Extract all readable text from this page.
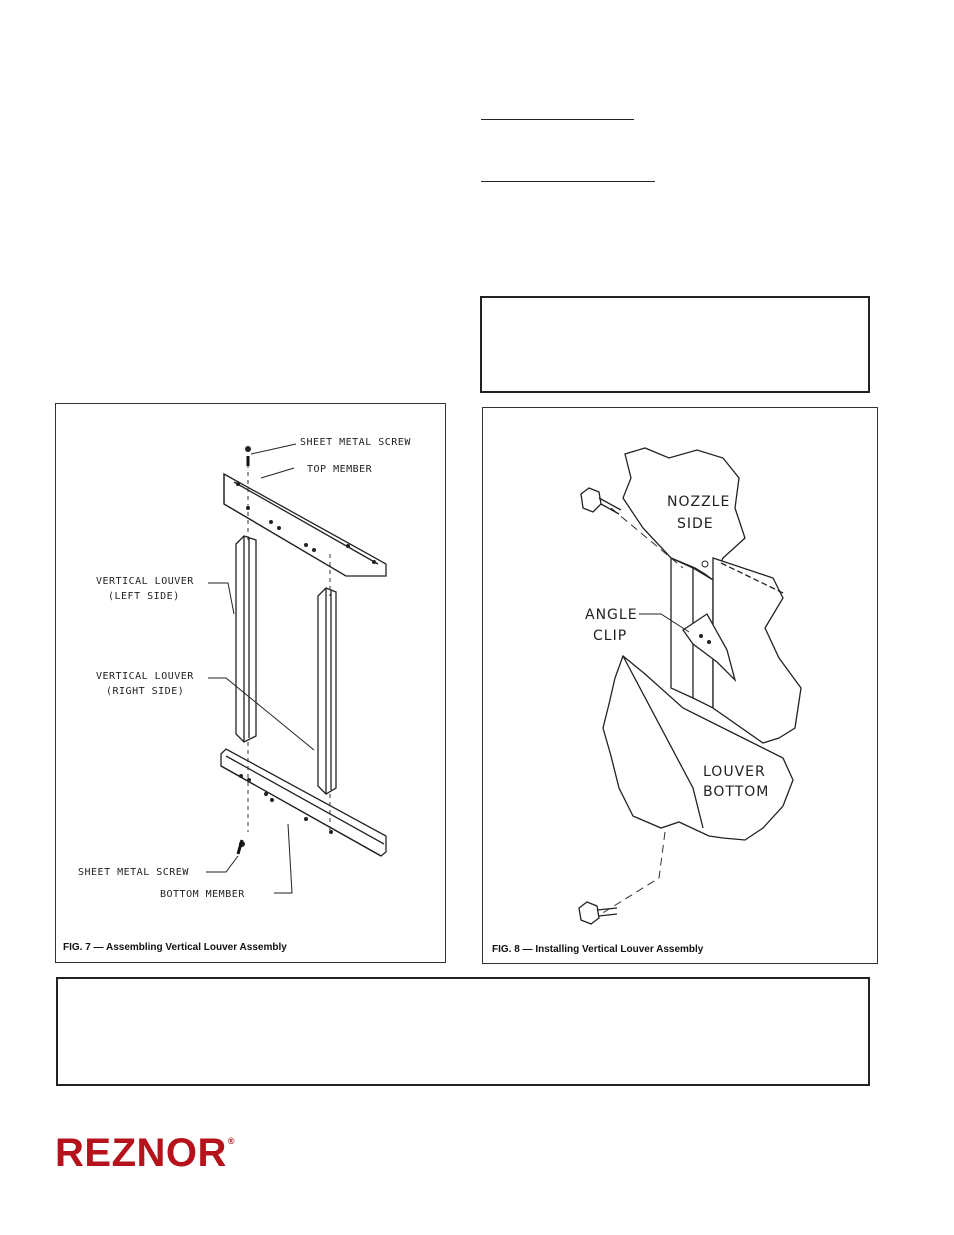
SHEET METAL SCREW
TOP MEMBER
VERTICAL LOUVER
(LEFT SIDE)
VERTICAL LOUVER
(RIGHT SIDE)
SHEET METAL SCREW
BOTTOM MEMBER
FIG. 7 — Assembling Vertical Louver Assembly
NOZZLE
SIDE
ANGLE
CLIP
LOUVER
BOTTOM
FIG. 8 — Installing Vertical Louver Assembly
REZNOR®
